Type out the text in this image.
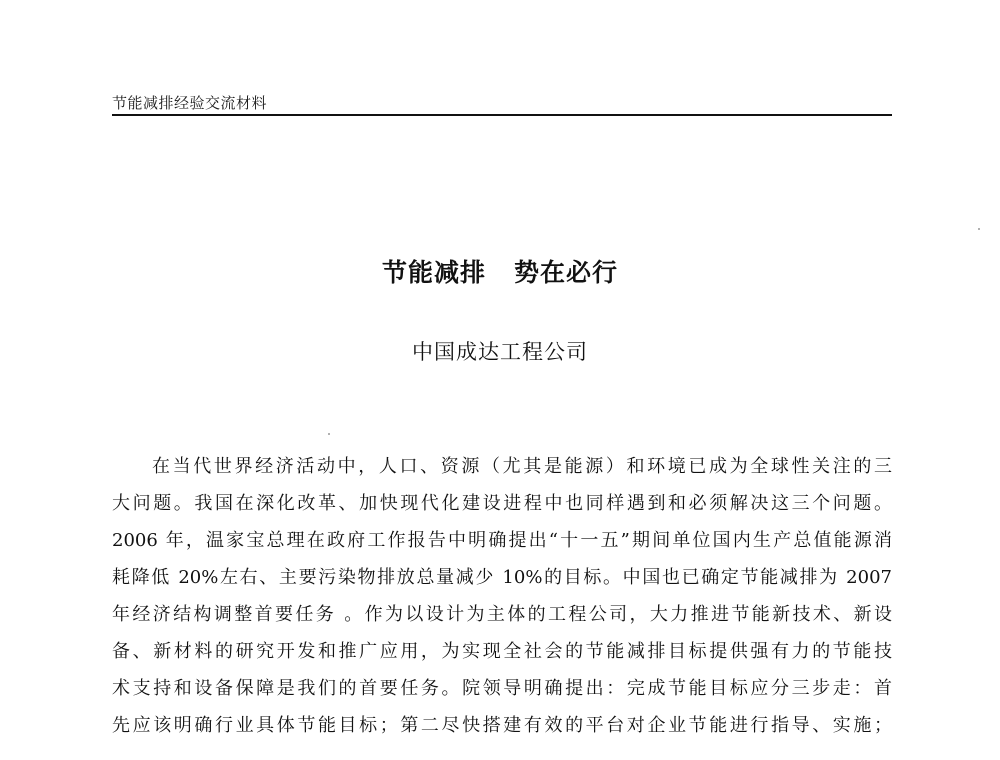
节能减排经验交流材料
节能减排 势在必行
中国成达工程公司
在当代世界经济活动中，人口、资源（尤其是能源）和环境已成为全球性关注的三
大问题。我国在深化改革、加快现代化建设进程中也同样遇到和必须解决这三个问题。
2006 年，温家宝总理在政府工作报告中明确提出“十一五”期间单位国内生产总值能源消
耗降低 20%左右、主要污染物排放总量减少 10%的目标。中国也已确定节能减排为 2007
年经济结构调整首要任务 。作为以设计为主体的工程公司，大力推进节能新技术、新设
备、新材料的研究开发和推广应用，为实现全社会的节能减排目标提供强有力的节能技
术支持和设备保障是我们的首要任务。院领导明确提出：完成节能目标应分三步走：首
先应该明确行业具体节能目标；第二尽快搭建有效的平台对企业节能进行指导、实施；
